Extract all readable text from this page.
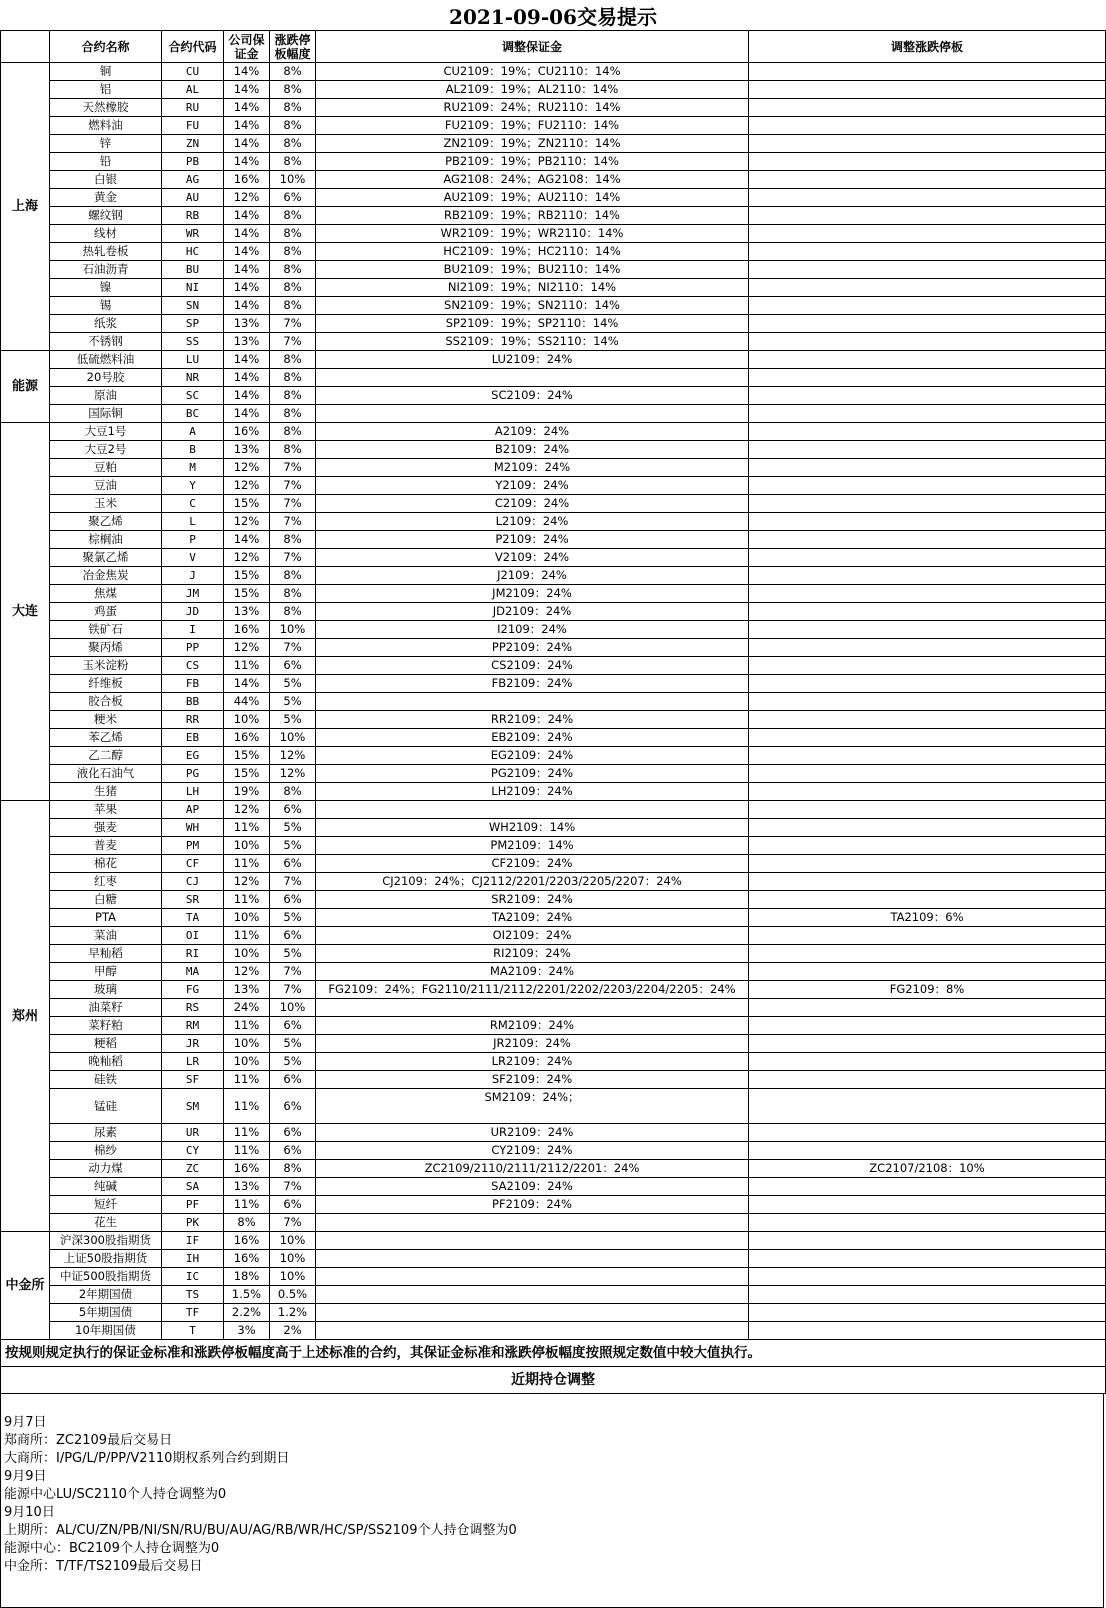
2021-09-06交易提示
	合约名称	合约代码	公司保证金	涨跌停板幅度	调整保证金	调整涨跌停板
上海	铜	CU	14%	8%	CU2109：19%；CU2110：14%	
	铝	AL	14%	8%	AL2109：19%；AL2110：14%	
	天然橡胶	RU	14%	8%	RU2109：24%；RU2110：14%	
	燃料油	FU	14%	8%	FU2109：19%；FU2110：14%	
	锌	ZN	14%	8%	ZN2109：19%；ZN2110：14%	
	铅	PB	14%	8%	PB2109：19%；PB2110：14%	
	白银	AG	16%	10%	AG2108：24%；AG2108：14%	
	黄金	AU	12%	6%	AU2109：19%；AU2110：14%	
	螺纹钢	RB	14%	8%	RB2109：19%；RB2110：14%	
	线材	WR	14%	8%	WR2109：19%；WR2110：14%	
	热轧卷板	HC	14%	8%	HC2109：19%；HC2110：14%	
	石油沥青	BU	14%	8%	BU2109：19%；BU2110：14%	
	镍	NI	14%	8%	NI2109：19%；NI2110：14%	
	锡	SN	14%	8%	SN2109：19%；SN2110：14%	
	纸浆	SP	13%	7%	SP2109：19%；SP2110：14%	
	不锈钢	SS	13%	7%	SS2109：19%；SS2110：14%	
能源	低硫燃料油	LU	14%	8%	LU2109：24%	
	20号胶	NR	14%	8%		
	原油	SC	14%	8%	SC2109：24%	
	国际铜	BC	14%	8%		
大连	大豆1号	A	16%	8%	A2109：24%	
	大豆2号	B	13%	8%	B2109：24%	
	豆粕	M	12%	7%	M2109：24%	
	豆油	Y	12%	7%	Y2109：24%	
	玉米	C	15%	7%	C2109：24%	
	聚乙烯	L	12%	7%	L2109：24%	
	棕榈油	P	14%	8%	P2109：24%	
	聚氯乙烯	V	12%	7%	V2109：24%	
	冶金焦炭	J	15%	8%	J2109：24%	
	焦煤	JM	15%	8%	JM2109：24%	
	鸡蛋	JD	13%	8%	JD2109：24%	
	铁矿石	I	16%	10%	I2109：24%	
	聚丙烯	PP	12%	7%	PP2109：24%	
	玉米淀粉	CS	11%	6%	CS2109：24%	
	纤维板	FB	14%	5%	FB2109：24%	
	胶合板	BB	44%	5%		
	粳米	RR	10%	5%	RR2109：24%	
	苯乙烯	EB	16%	10%	EB2109：24%	
	乙二醇	EG	15%	12%	EG2109：24%	
	液化石油气	PG	15%	12%	PG2109：24%	
	生猪	LH	19%	8%	LH2109：24%	
郑州	苹果	AP	12%	6%		
	强麦	WH	11%	5%	WH2109：14%	
	普麦	PM	10%	5%	PM2109：14%	
	棉花	CF	11%	6%	CF2109：24%	
	红枣	CJ	12%	7%	CJ2109：24%；CJ2112/2201/2203/2205/2207：24%	
	白糖	SR	11%	6%	SR2109：24%	
	PTA	TA	10%	5%	TA2109：24%	TA2109：6%
	菜油	OI	11%	6%	OI2109：24%	
	早籼稻	RI	10%	5%	RI2109：24%	
	甲醇	MA	12%	7%	MA2109：24%	
	玻璃	FG	13%	7%	FG2109：24%；FG2110/2111/2112/2201/2202/2203/2204/2205：24%	FG2109：8%
	油菜籽	RS	24%	10%		
	菜籽粕	RM	11%	6%	RM2109：24%	
	粳稻	JR	10%	5%	JR2109：24%	
	晚籼稻	LR	10%	5%	LR2109：24%	
	硅铁	SF	11%	6%	SF2109：24%	
	锰硅	SM	11%	6%	SM2109：24%；	
	尿素	UR	11%	6%	UR2109：24%	
	棉纱	CY	11%	6%	CY2109：24%	
	动力煤	ZC	16%	8%	ZC2109/2110/2111/2112/2201：24%	ZC2107/2108：10%
	纯碱	SA	13%	7%	SA2109：24%	
	短纤	PF	11%	6%	PF2109：24%	
	花生	PK	8%	7%		
中金所	沪深300股指期货	IF	16%	10%		
	上证50股指期货	IH	16%	10%		
	中证500股指期货	IC	18%	10%		
	2年期国债	TS	1.5%	0.5%		
	5年期国债	TF	2.2%	1.2%		
	10年期国债	T	3%	2%		
按规则规定执行的保证金标准和涨跌停板幅度高于上述标准的合约，其保证金标准和涨跌停板幅度按照规定数值中较大值执行。						
近期持仓调整						
9月7日
郑商所：ZC2109最后交易日
大商所：I/PG/L/P/PP/V2110期权系列合约到期日
9月9日
能源中心LU/SC2110个人持仓调整为0
9月10日
上期所：AL/CU/ZN/PB/NI/SN/RU/BU/AU/AG/RB/WR/HC/SP/SS2109个人持仓调整为0
能源中心：BC2109个人持仓调整为0
中金所：T/TF/TS2109最后交易日
